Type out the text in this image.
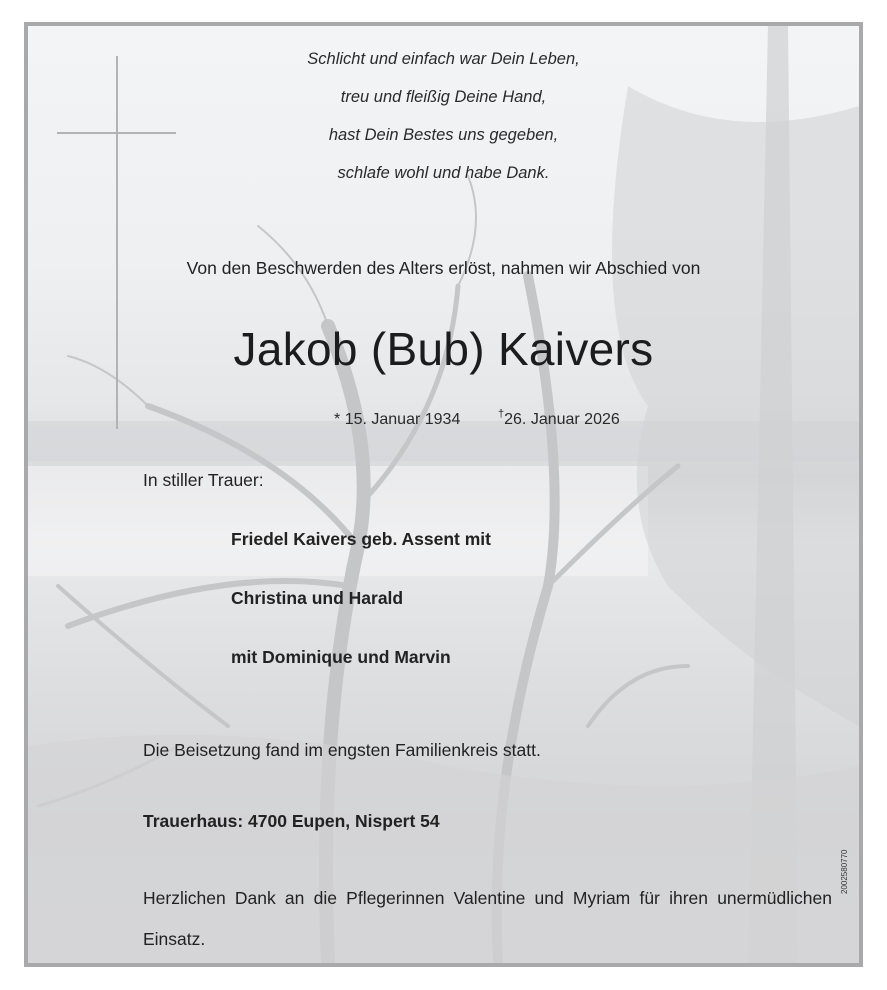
Schlicht und einfach war Dein Leben,
treu und fleißig Deine Hand,
hast Dein Bestes uns gegeben,
schlafe wohl und habe Dank.
Von den Beschwerden des Alters erlöst, nahmen wir Abschied von
Jakob (Bub) Kaivers
* 15. Januar 1934	†26. Januar 2026
In stiller Trauer:
Friedel Kaivers geb. Assent mit
Christina und Harald
mit Dominique und Marvin
Die Beisetzung fand im engsten Familienkreis statt.
Trauerhaus: 4700 Eupen, Nispert 54
Herzlichen Dank an die Pflegerinnen Valentine und Myriam für ihren unermüdlichen Einsatz.
2002580770
